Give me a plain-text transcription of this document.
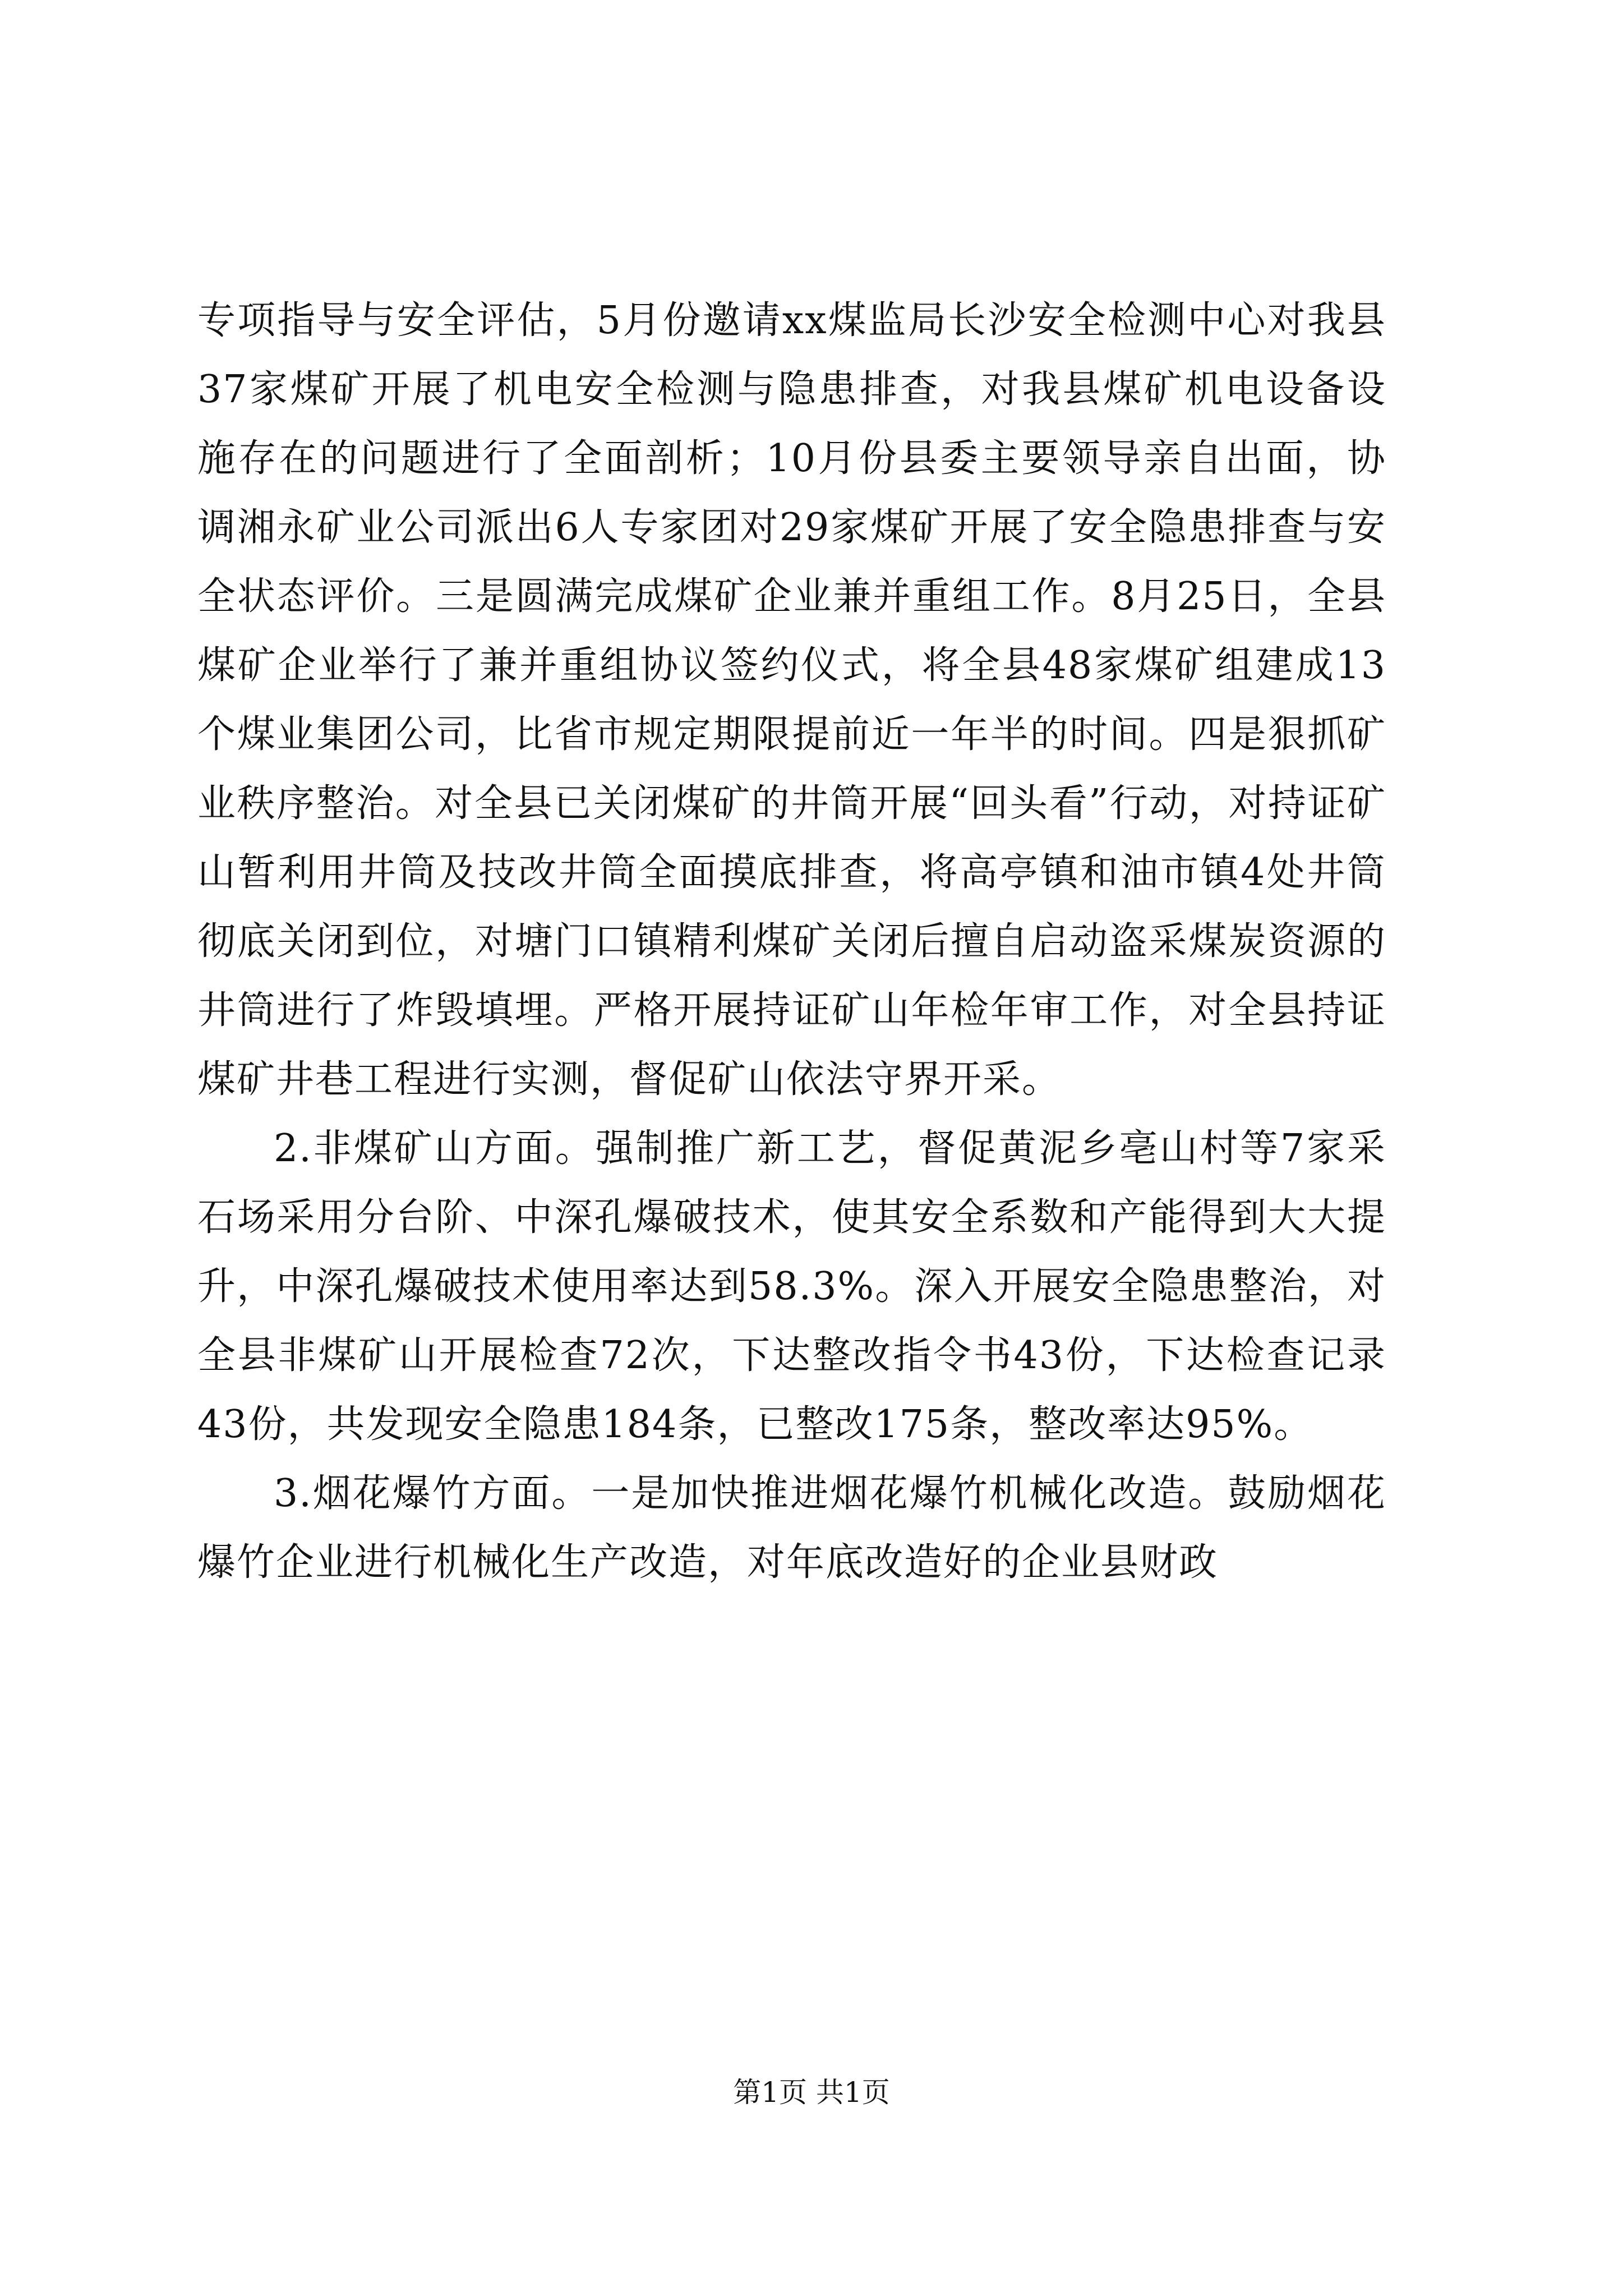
专项指导与安全评估，5月份邀请xx煤监局长沙安全检测中心对我县37家煤矿开展了机电安全检测与隐患排查，对我县煤矿机电设备设施存在的问题进行了全面剖析；10月份县委主要领导亲自出面，协调湘永矿业公司派出6人专家团对29家煤矿开展了安全隐患排查与安全状态评价。三是圆满完成煤矿企业兼并重组工作。8月25日，全县煤矿企业举行了兼并重组协议签约仪式，将全县48家煤矿组建成13个煤业集团公司，比省市规定期限提前近一年半的时间。四是狠抓矿业秩序整治。对全县已关闭煤矿的井筒开展“回头看”行动，对持证矿山暂利用井筒及技改井筒全面摸底排查，将高亭镇和油市镇4处井筒彻底关闭到位，对塘门口镇精利煤矿关闭后擅自启动盗采煤炭资源的井筒进行了炸毁填埋。严格开展持证矿山年检年审工作，对全县持证煤矿井巷工程进行实测，督促矿山依法守界开采。

2.非煤矿山方面。强制推广新工艺，督促黄泥乡亳山村等7家采石场采用分台阶、中深孔爆破技术，使其安全系数和产能得到大大提升，中深孔爆破技术使用率达到58.3%。深入开展安全隐患整治，对全县非煤矿山开展检查72次，下达整改指令书43份，下达检查记录43份，共发现安全隐患184条，已整改175条，整改率达95%。

3.烟花爆竹方面。一是加快推进烟花爆竹机械化改造。鼓励烟花爆竹企业进行机械化生产改造，对年底改造好的企业县财政

第1页 共1页
